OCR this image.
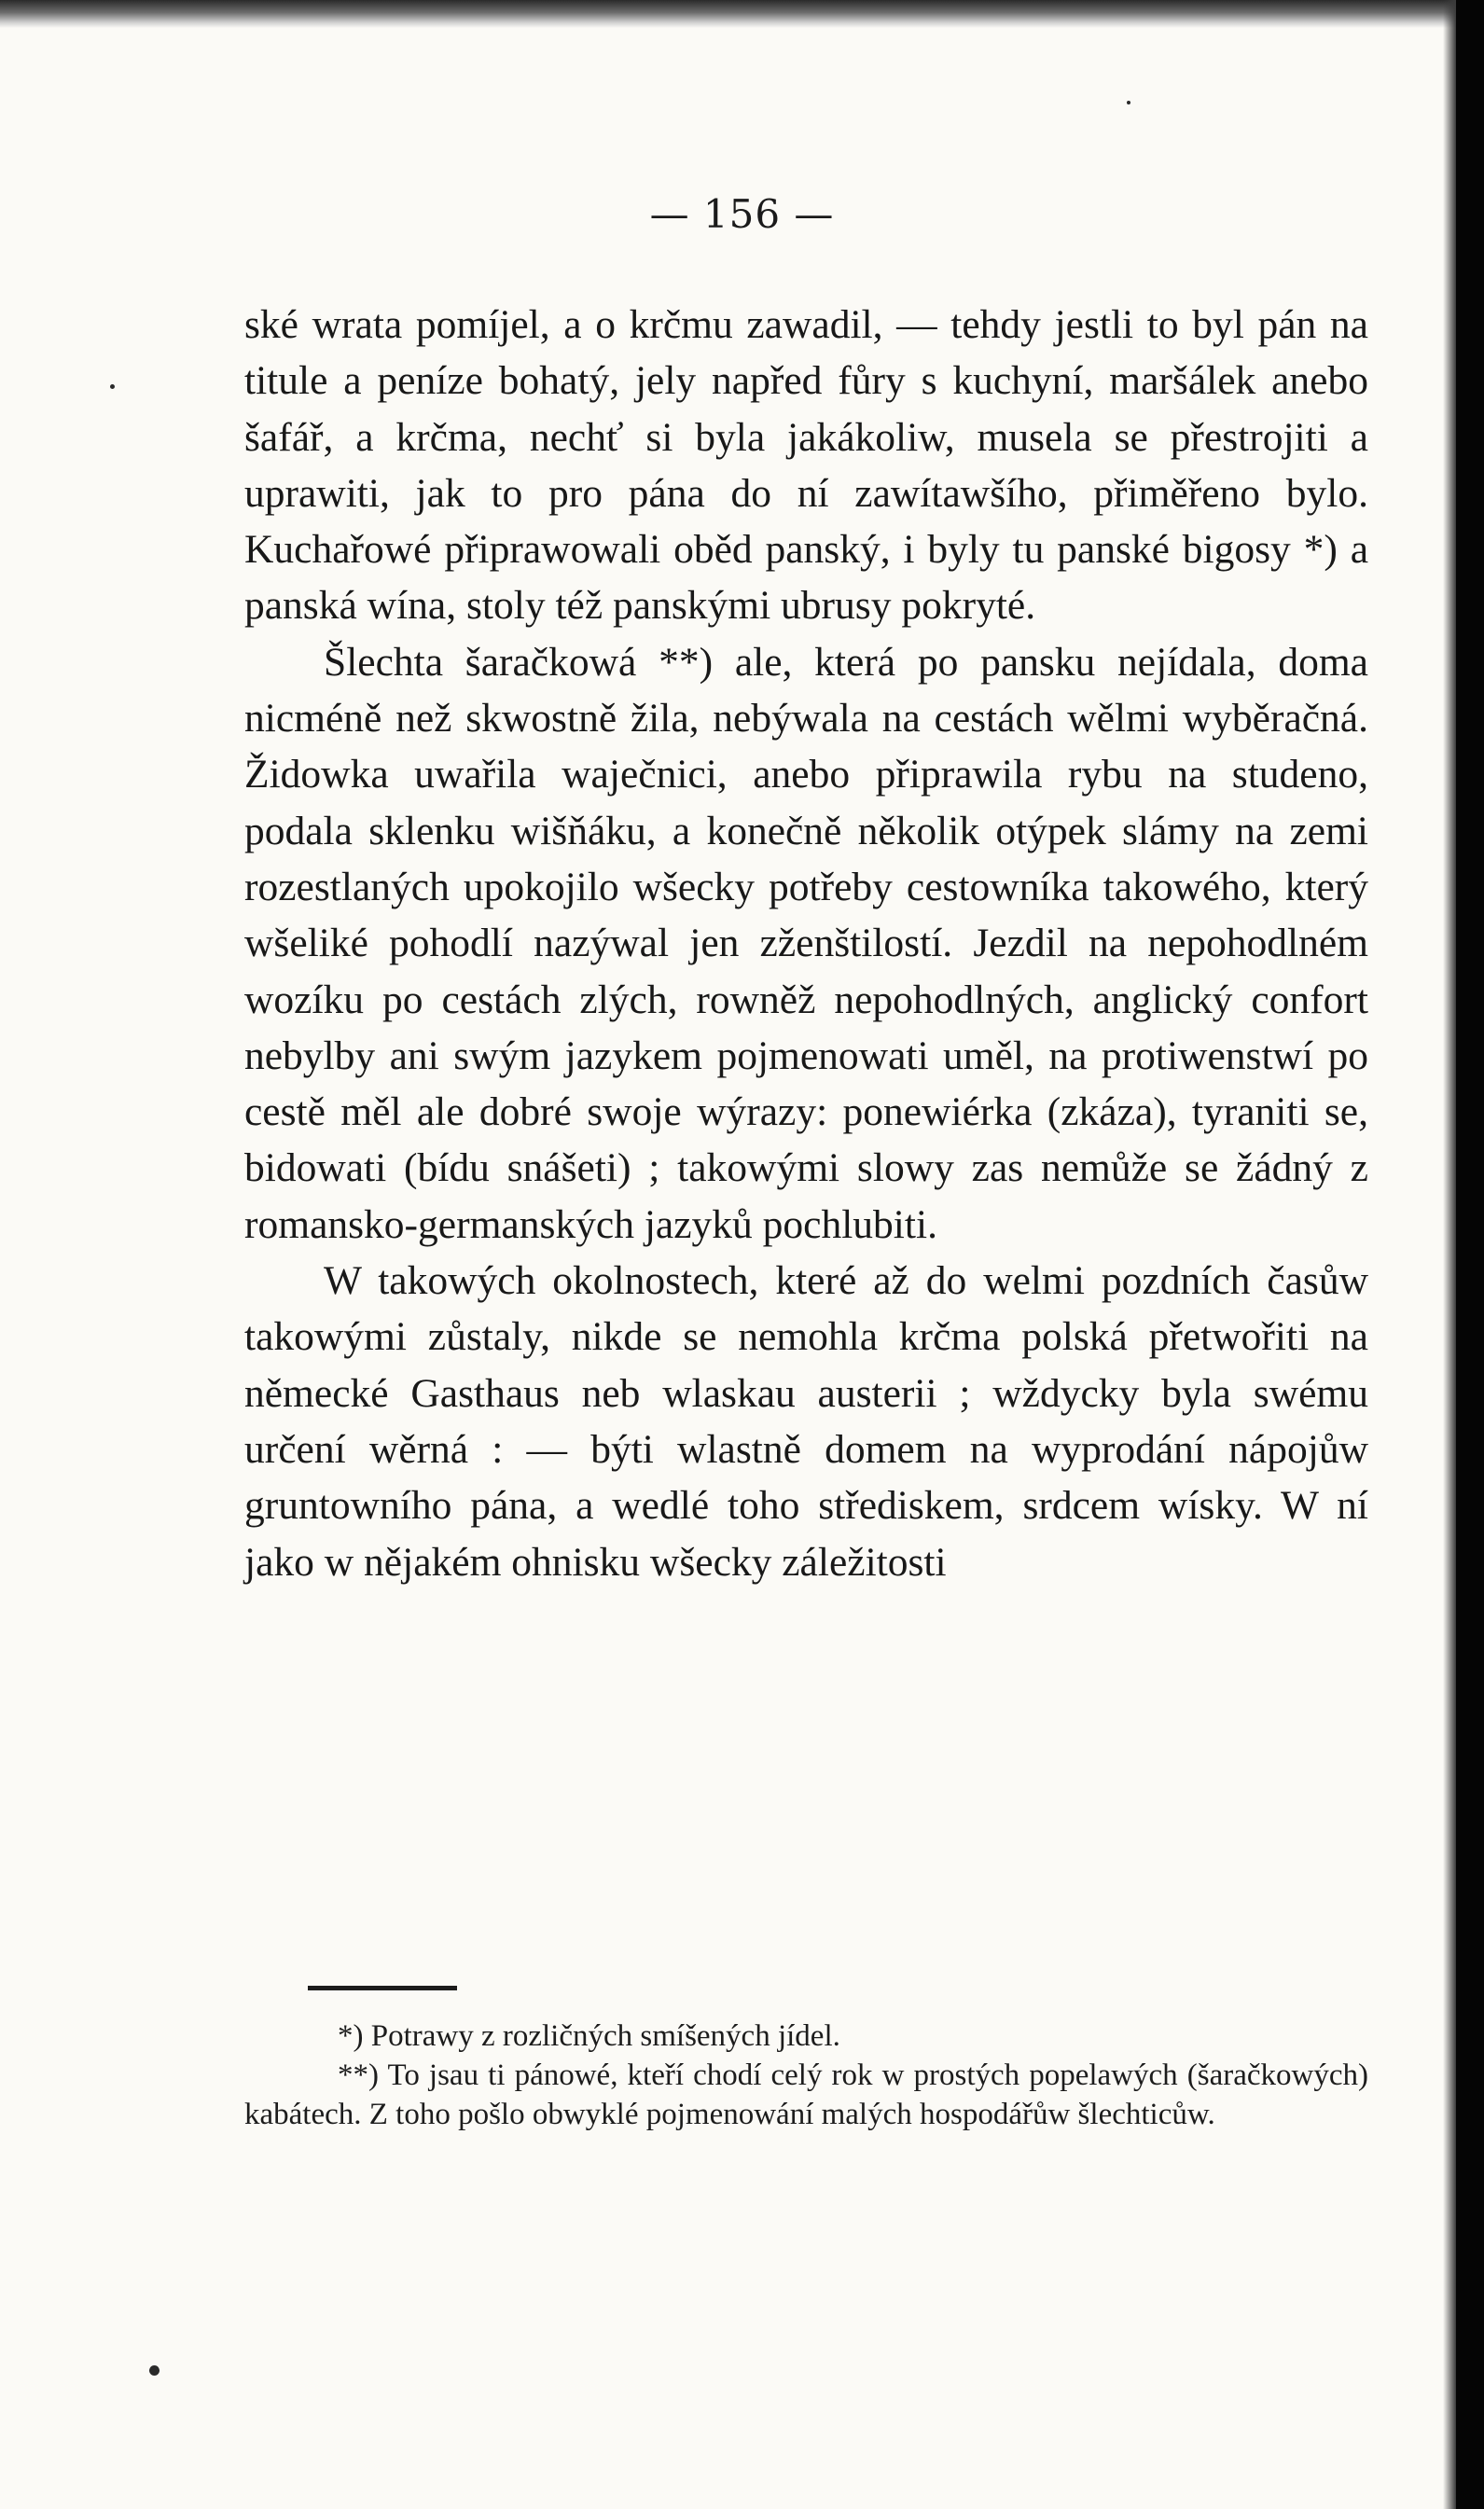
— 156 —

ské wrata pomíjel, a o krčmu zawadil, — tehdy jestli to byl pán na titule a peníze bohatý, jely napřed fůry s kuchyní, maršálek anebo šafář, a krčma, nechť si byla jakákoliw, musela se přestrojiti a uprawiti, jak to pro pána do ní zawítawšího, přiměřeno bylo. Kuchařowé připrawowali oběd panský, i byly tu panské bigosy *) a panská wína, stoly též panskými ubrusy pokryté.

Šlechta šaračkowá **) ale, která po pansku nejídala, doma nicméně než skwostně žila, nebýwala na cestách wělmi wyběračná. Židowka uwařila waječnici, anebo připrawila rybu na studeno, podala sklenku wišňáku, a konečně několik otýpek slámy na zemi rozestlaných upokojilo wšecky potřeby cestowníka takowého, který wšeliké pohodlí nazýwal jen zženštilostí. Jezdil na nepohodlném wozíku po cestách zlých, rowněž nepohodlných, anglický confort nebylby ani swým jazykem pojmenowati uměl, na protiwenstwí po cestě měl ale dobré swoje wýrazy: ponewiérka (zkáza), tyraniti se, bidowati (bídu snášeti) ; takowými slowy zas nemůže se žádný z romansko-germanských jazyků pochlubiti.

W takowých okolnostech, které až do welmi pozdních časůw takowými zůstaly, nikde se nemohla krčma polská přetwořiti na německé Gasthaus neb wlaskau austerii ; wždycky byla swému určení wěrná : — býti wlastně domem na wyprodání nápojůw gruntowního pána, a wedlé toho střediskem, srdcem wísky. W ní jako w nějakém ohnisku wšecky záležitosti

*) Potrawy z rozličných smíšených jídel.

**) To jsau ti pánowé, kteří chodí celý rok w prostých popelawých (šaračkowých) kabátech. Z toho pošlo obwyklé pojmenowání malých hospodářůw šlechticůw.
